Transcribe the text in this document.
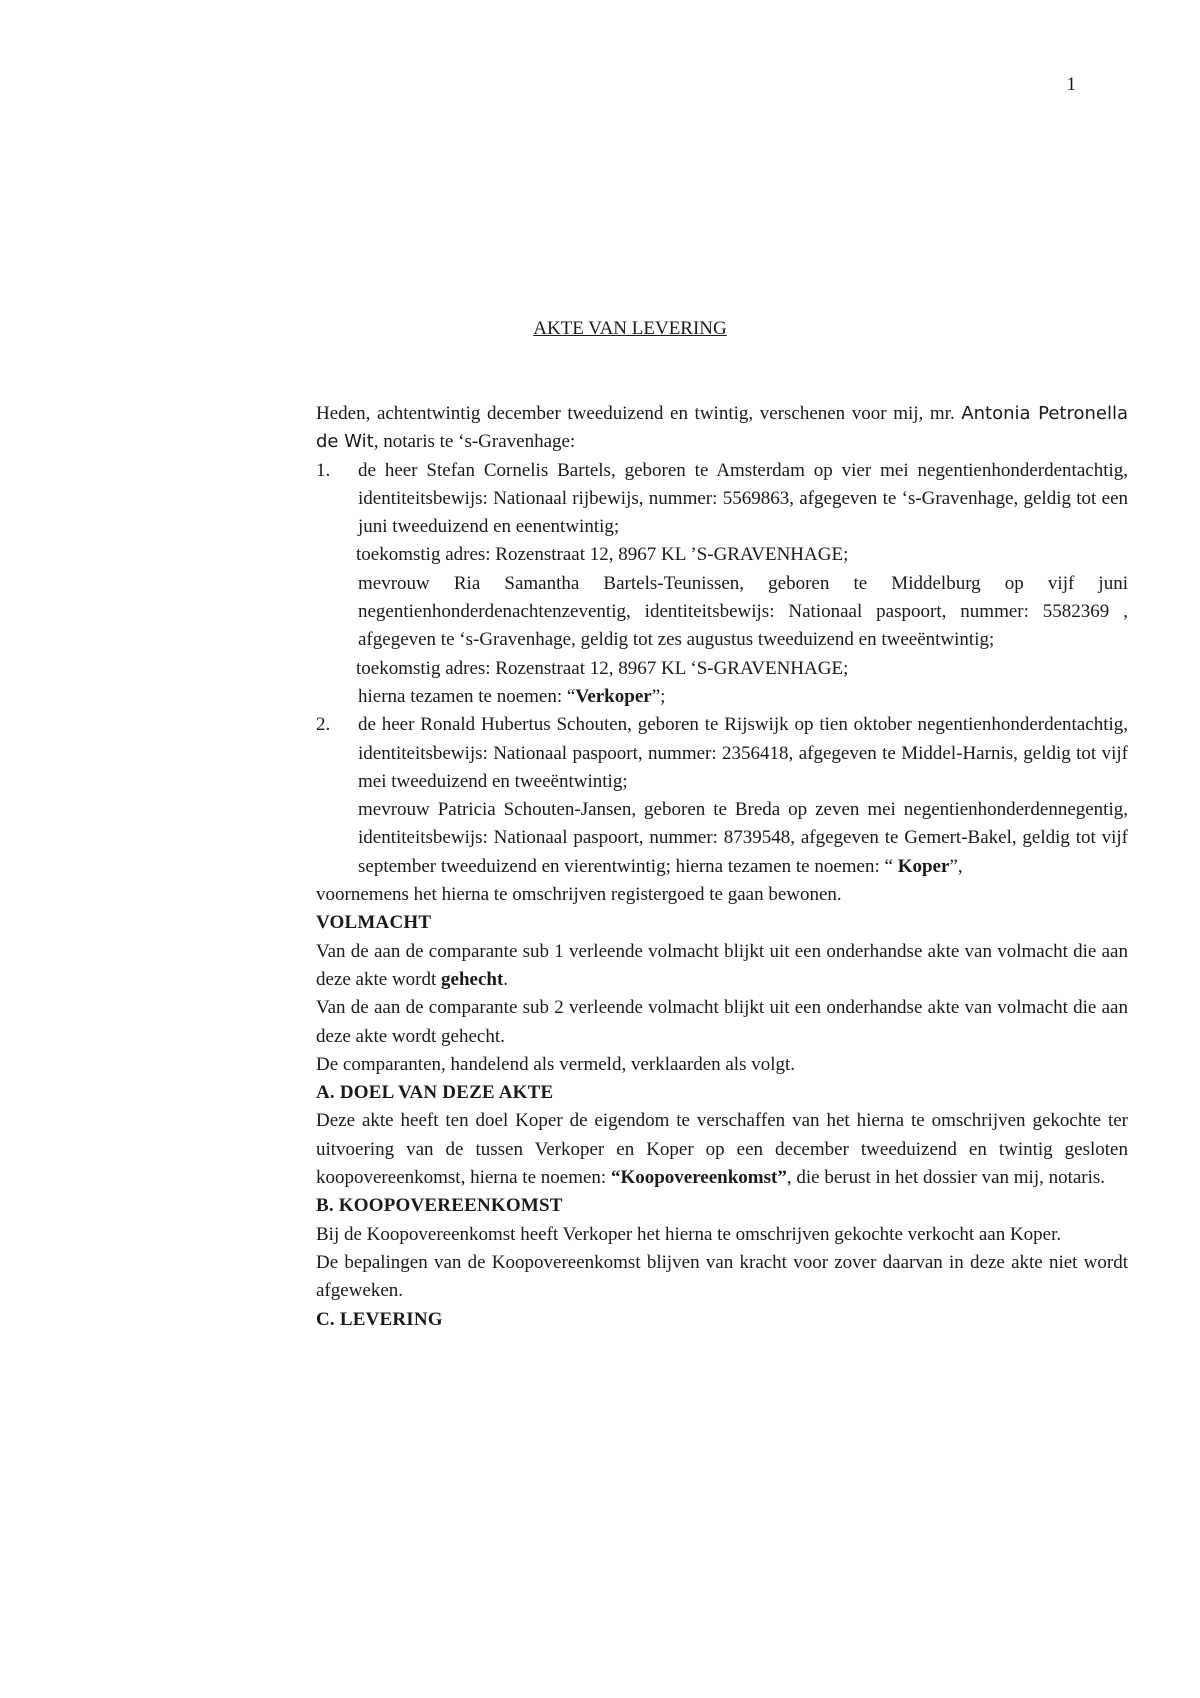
1
AKTE VAN LEVERING
Heden, achtentwintig december tweeduizend en twintig, verschenen voor mij, mr. Antonia Petronella de Wit, notaris te ‘s-Gravenhage:
1. de heer Stefan Cornelis Bartels, geboren te Amsterdam op vier mei negentienhonderdentachtig, identiteitsbewijs: Nationaal rijbewijs, nummer: 5569863, afgegeven te ‘s-Gravenhage, geldig tot een juni tweeduizend en eenentwintig;
toekomstig adres: Rozenstraat 12, 8967 KL ’S-GRAVENHAGE;
mevrouw Ria Samantha Bartels-Teunissen, geboren te Middelburg op vijf juni negentienhonderdenachtenzeventig, identiteitsbewijs: Nationaal paspoort, nummer: 5582369 , afgegeven te ‘s-Gravenhage, geldig tot zes augustus tweeduizend en tweeëntwintig;
toekomstig adres: Rozenstraat 12, 8967 KL ‘S-GRAVENHAGE;
hierna tezamen te noemen: “Verkoper”;
2. de heer Ronald Hubertus Schouten, geboren te Rijswijk op tien oktober negentienhonderdentachtig, identiteitsbewijs: Nationaal paspoort, nummer: 2356418, afgegeven te Middel-Harnis, geldig tot vijf mei tweeduizend en tweeëntwintig;
mevrouw Patricia Schouten-Jansen, geboren te Breda op zeven mei negentienhonderdennegentig, identiteitsbewijs: Nationaal paspoort, nummer: 8739548, afgegeven te Gemert-Bakel, geldig tot vijf september tweeduizend en vierentwintig; hierna tezamen te noemen: “ Koper”,
voornemens het hierna te omschrijven registergoed te gaan bewonen.
VOLMACHT
Van de aan de comparante sub 1 verleende volmacht blijkt uit een onderhandse akte van volmacht die aan deze akte wordt gehecht.
Van de aan de comparante sub 2 verleende volmacht blijkt uit een onderhandse akte van volmacht die aan deze akte wordt gehecht.
De comparanten, handelend als vermeld, verklaarden als volgt.
A. DOEL VAN DEZE AKTE
Deze akte heeft ten doel Koper de eigendom te verschaffen van het hierna te omschrijven gekochte ter uitvoering van de tussen Verkoper en Koper op een december tweeduizend en twintig gesloten koopovereenkomst, hierna te noemen: “Koopovereenkomst”, die berust in het dossier van mij, notaris.
B. KOOPOVEREENKOMST
Bij de Koopovereenkomst heeft Verkoper het hierna te omschrijven gekochte verkocht aan Koper.
De bepalingen van de Koopovereenkomst blijven van kracht voor zover daarvan in deze akte niet wordt afgeweken.
C. LEVERING
